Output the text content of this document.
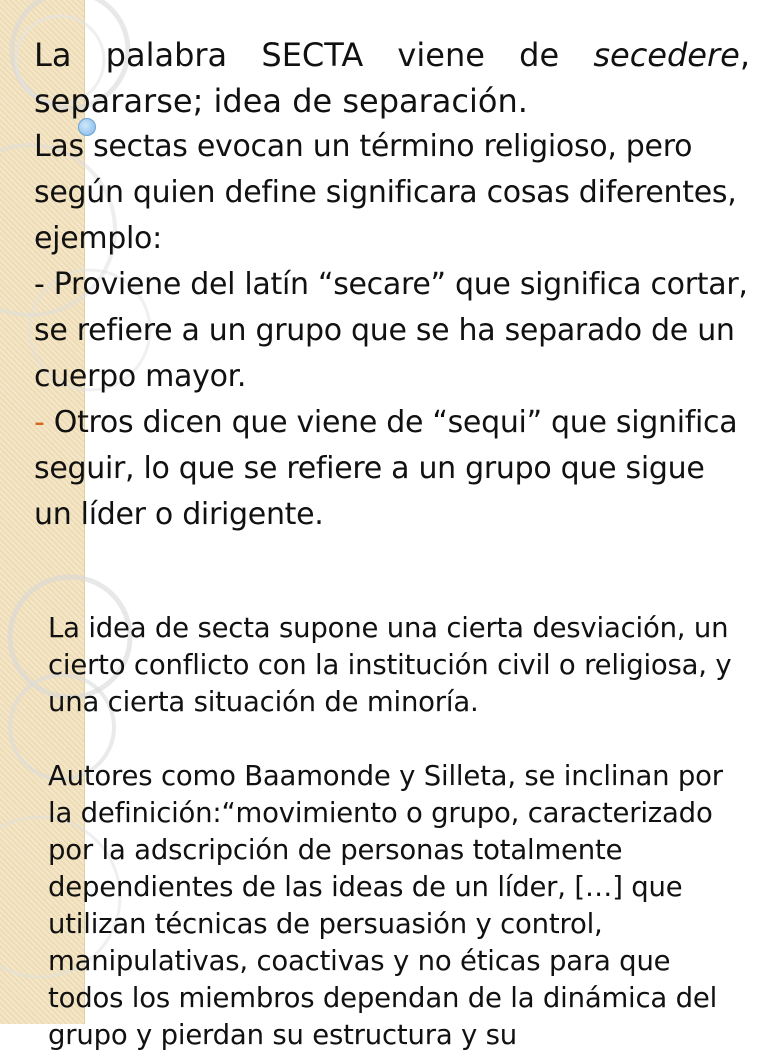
La palabra SECTA viene de secedere, separarse; idea de separación.

Las sectas evocan un término religioso, pero según quien define significara cosas diferentes, ejemplo:

- Proviene del latín “secare” que significa cortar, se refiere a un grupo que se ha separado de un cuerpo mayor.

- Otros dicen que viene de “sequi” que significa seguir, lo que se refiere a un grupo que sigue un líder o dirigente.

La idea de secta supone una cierta desviación, un cierto conflicto con la institución civil o religiosa, y una cierta situación de minoría.

Autores como Baamonde y Silleta, se inclinan por la definición:“movimiento o grupo, caracterizado por la adscripción de personas totalmente dependientes de las ideas de un líder, […] que utilizan técnicas de persuasión y control, manipulativas, coactivas y no éticas para que todos los miembros dependan de la dinámica del grupo y pierdan su estructura y su
